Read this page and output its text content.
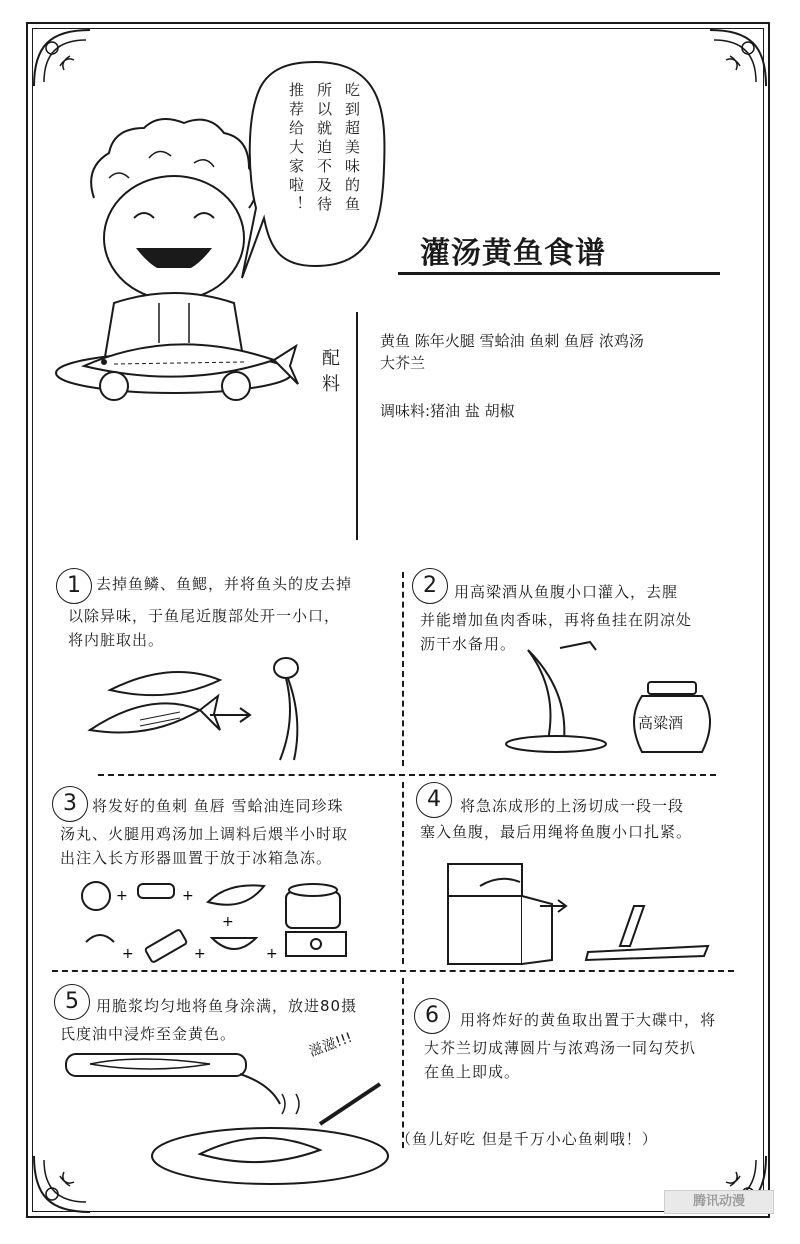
吃到超美味的鱼
所以就迫不及待
推荐给大家啦！
灌汤黄鱼食谱
配料
黄鱼 陈年火腿 雪蛤油 鱼刺 鱼唇 浓鸡汤
大芥兰
调味料:猪油 盐 胡椒
1	去掉鱼鳞、鱼鳃，并将鱼头的皮去掉
以除异味，于鱼尾近腹部处开一小口，
将内脏取出。
2	用高梁酒从鱼腹小口灌入，去腥
并能增加鱼肉香味，再将鱼挂在阴凉处
沥干水备用。
高粱酒
3	将发好的鱼刺 鱼唇 雪蛤油连同珍珠
汤丸、火腿用鸡汤加上调料后煨半小时取
出注入长方形器皿置于放于冰箱急冻。
+	+
+	+
+
+
4	将急冻成形的上汤切成一段一段
塞入鱼腹，最后用绳将鱼腹小口扎紧。
5	用脆浆均匀地将鱼身涂满，放进80摄
氏度油中浸炸至金黄色。	滋滋!!!
6	用将炸好的黄鱼取出置于大碟中，将
大芥兰切成薄圆片与浓鸡汤一同勾芡扒
在鱼上即成。
（鱼儿好吃 但是千万小心鱼刺哦！）
腾讯动漫
